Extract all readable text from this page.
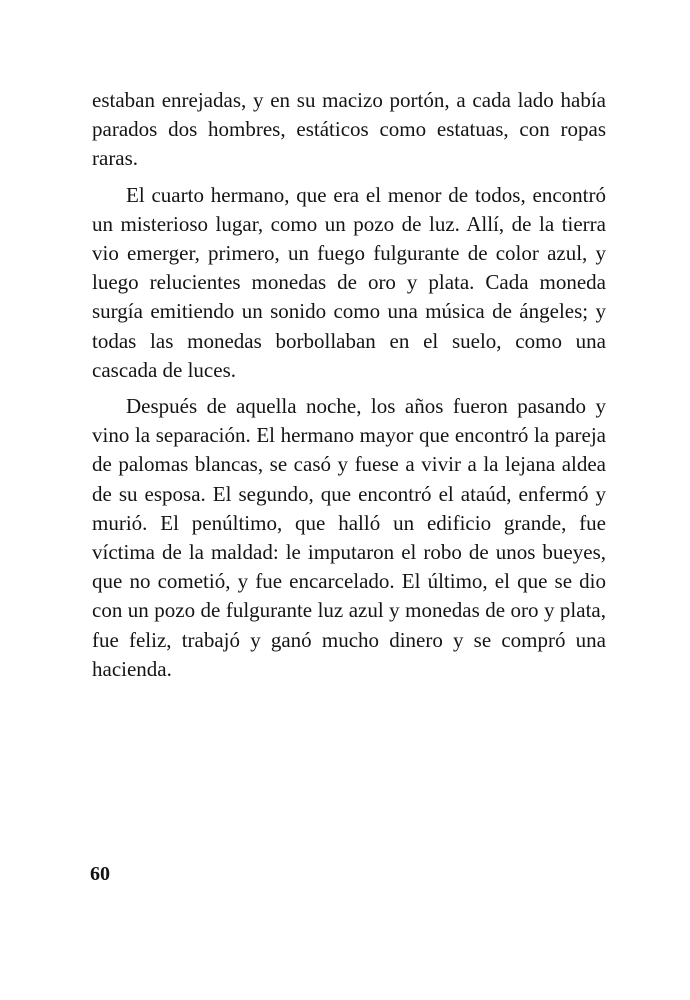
estaban enrejadas, y en su macizo portón, a cada lado había parados dos hombres, estáticos como estatuas, con ropas raras.

El cuarto hermano, que era el menor de todos, encontró un misterioso lugar, como un pozo de luz. Allí, de la tierra vio emerger, primero, un fuego fulgurante de color azul, y luego relucientes monedas de oro y plata. Cada moneda surgía emitiendo un sonido como una música de ángeles; y todas las monedas borbollaban en el suelo, como una cascada de luces.

Después de aquella noche, los años fueron pasando y vino la separación. El hermano mayor que encontró la pareja de palomas blancas, se casó y fuese a vivir a la lejana aldea de su esposa. El segundo, que encontró el ataúd, enfermó y murió. El penúltimo, que halló un edificio grande, fue víctima de la maldad: le imputaron el robo de unos bueyes, que no cometió, y fue encarcelado. El último, el que se dio con un pozo de fulgurante luz azul y monedas de oro y plata, fue feliz, trabajó y ganó mucho dinero y se compró una hacienda.

60
